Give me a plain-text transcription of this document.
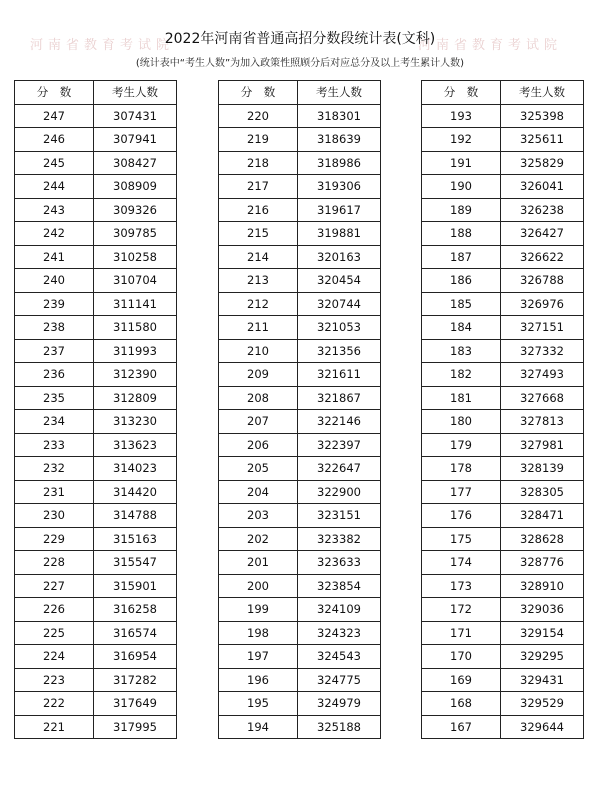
河南省教育考试院	河南省教育考试院
2022年河南省普通高招分数段统计表(文科)
(统计表中“考生人数”为加入政策性照顾分后对应总分及以上考生累计人数)
分　数	考生人数
247	307431
246	307941
245	308427
244	308909
243	309326
242	309785
241	310258
240	310704
239	311141
238	311580
237	311993
236	312390
235	312809
234	313230
233	313623
232	314023
231	314420
230	314788
229	315163
228	315547
227	315901
226	316258
225	316574
224	316954
223	317282
222	317649
221	317995
分　数	考生人数
220	318301
219	318639
218	318986
217	319306
216	319617
215	319881
214	320163
213	320454
212	320744
211	321053
210	321356
209	321611
208	321867
207	322146
206	322397
205	322647
204	322900
203	323151
202	323382
201	323633
200	323854
199	324109
198	324323
197	324543
196	324775
195	324979
194	325188
分　数	考生人数
193	325398
192	325611
191	325829
190	326041
189	326238
188	326427
187	326622
186	326788
185	326976
184	327151
183	327332
182	327493
181	327668
180	327813
179	327981
178	328139
177	328305
176	328471
175	328628
174	328776
173	328910
172	329036
171	329154
170	329295
169	329431
168	329529
167	329644
